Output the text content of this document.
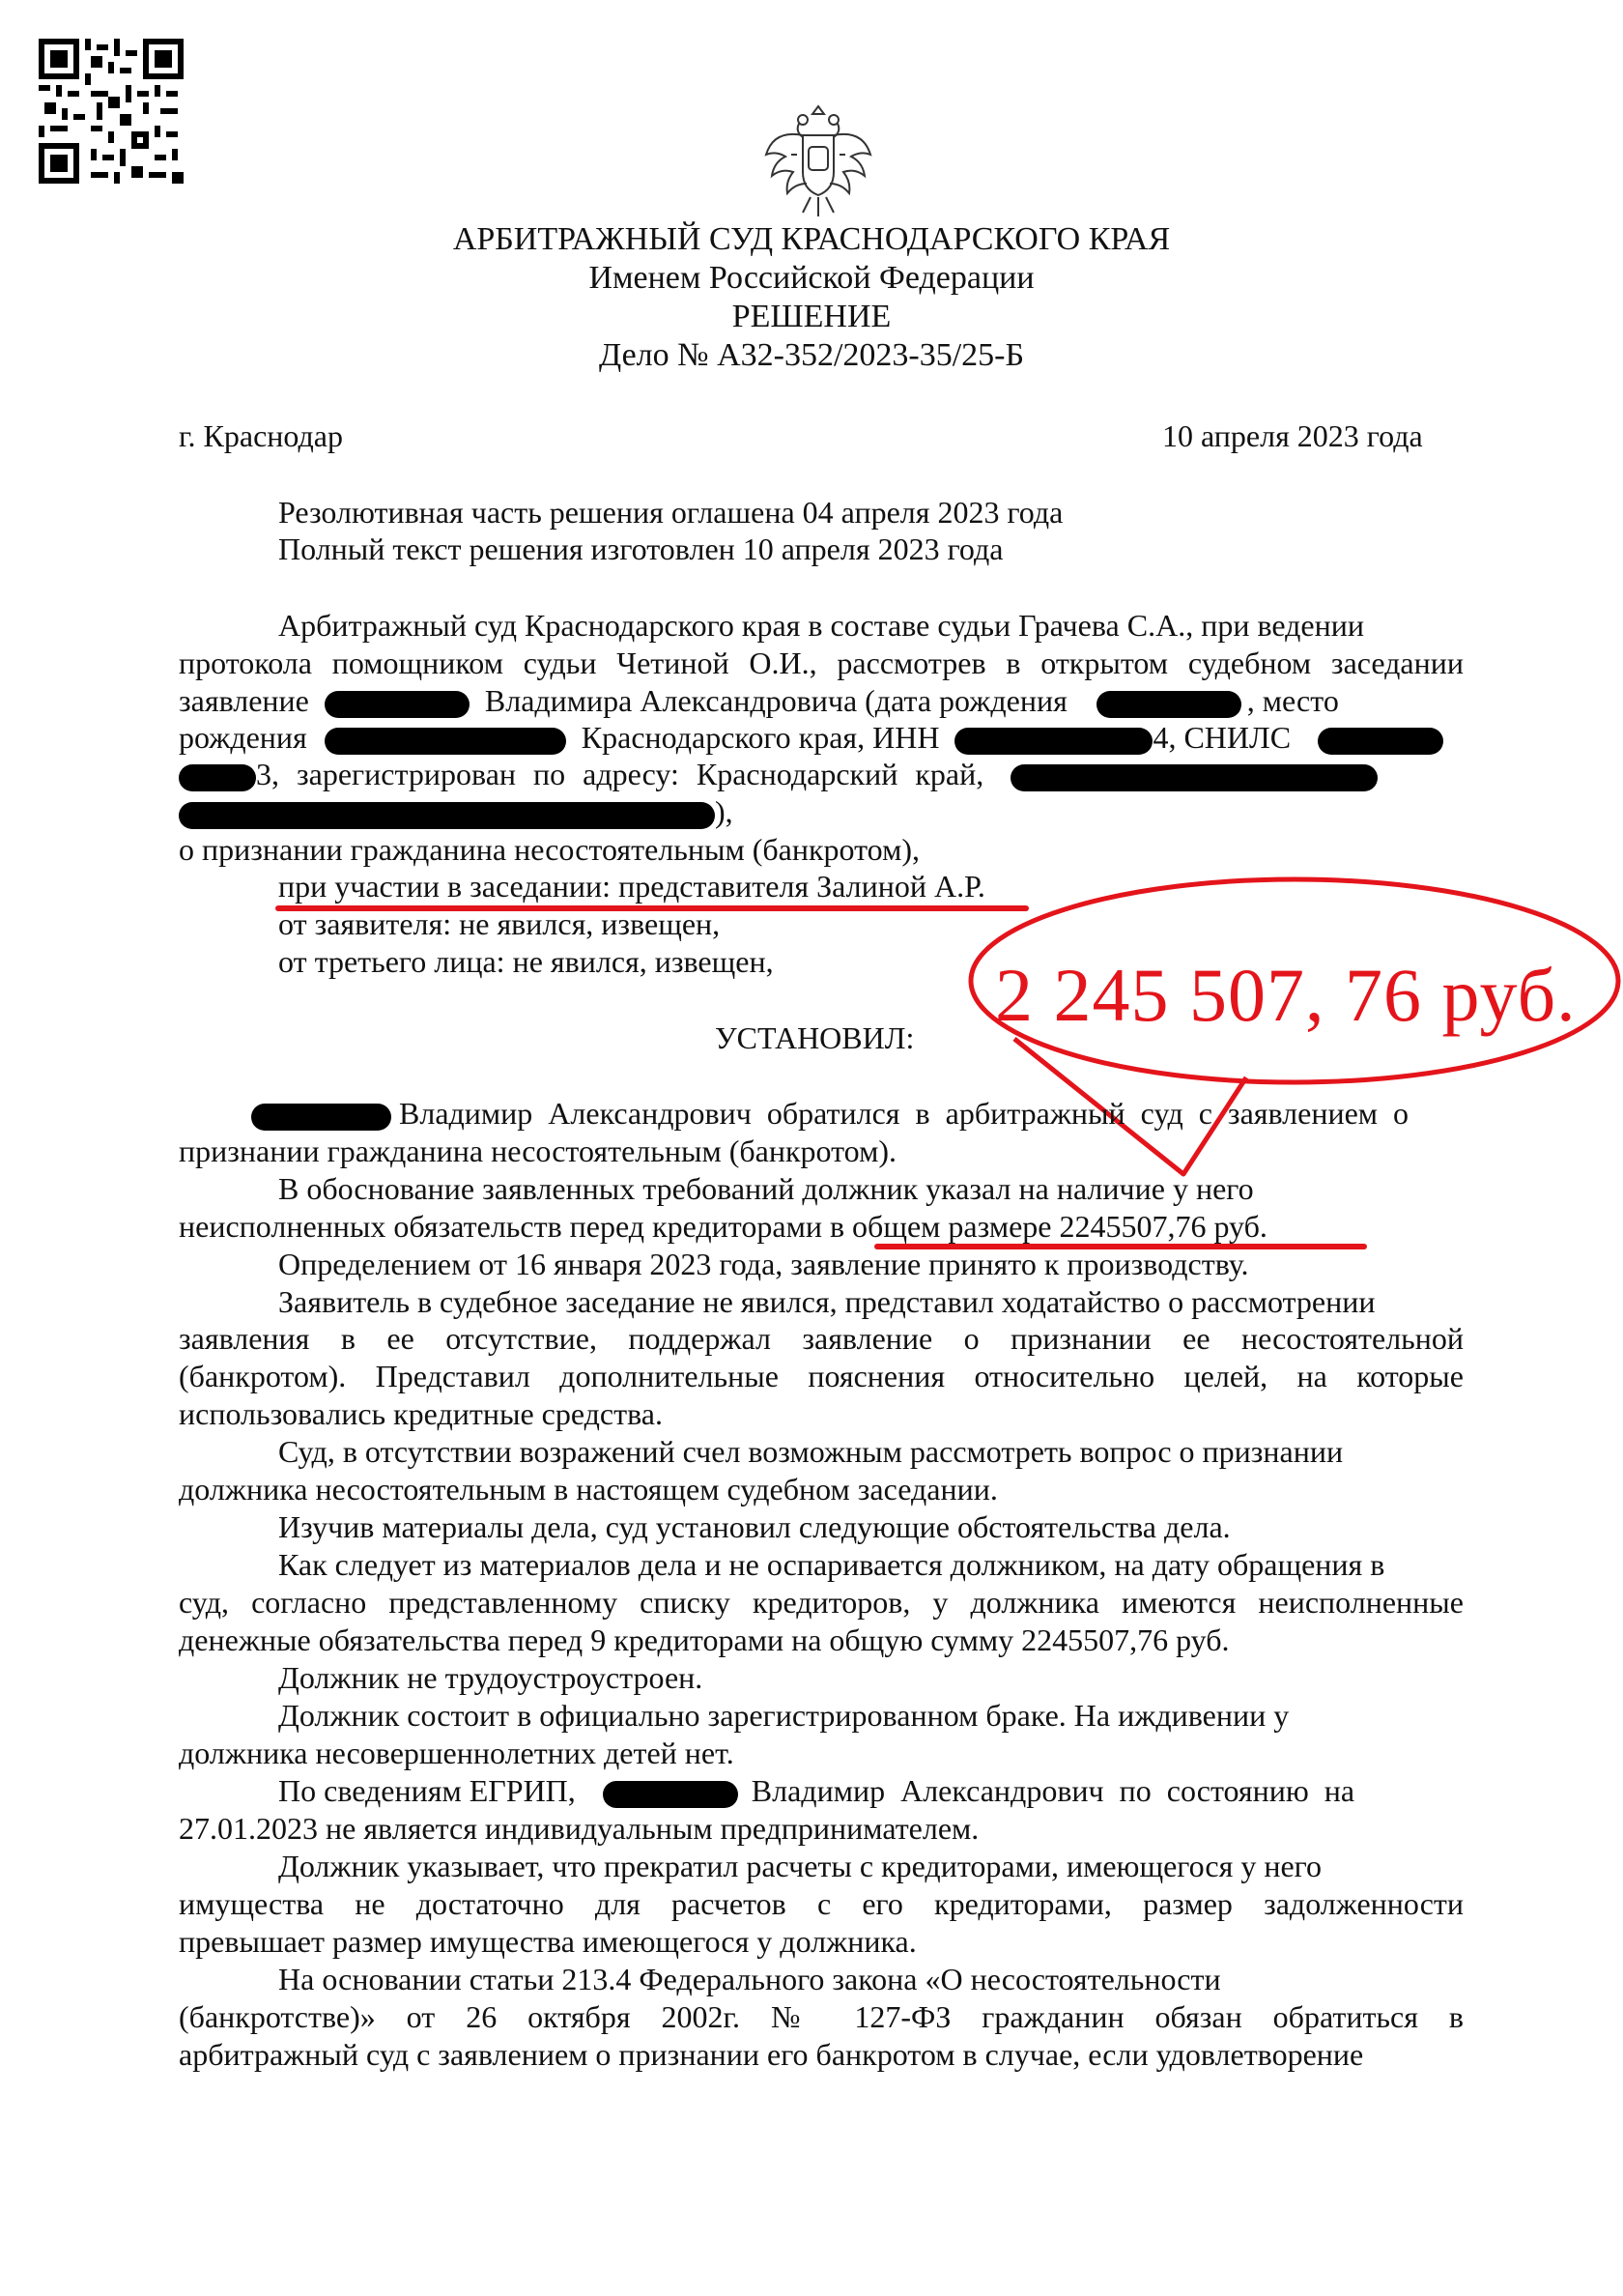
АРБИТРАЖНЫЙ СУД КРАСНОДАРСКОГО КРАЯ
Именем Российской Федерации
РЕШЕНИЕ
Дело № А32-352/2023-35/25-Б
г. Краснодар	10 апреля 2023 года
Резолютивная часть решения оглашена 04 апреля 2023 года
Полный текст решения изготовлен 10 апреля 2023 года
Арбитражный суд Краснодарского края в составе судьи Грачева С.А., при ведении
протокола помощником судьи Четиной О.И., рассмотрев в открытом судебном заседании
заявление	Владимира Александровича (дата рождения	, место
рождения	Краснодарского края, ИНН	4, СНИЛС
3, зарегистрирован по адресу: Краснодарский край,
),
о признании гражданина несостоятельным (банкротом),
при участии в заседании: представителя Залиной А.Р.
от заявителя: не явился, извещен,
от третьего лица: не явился, извещен,
УСТАНОВИЛ:
2 245 507, 76 руб.
Владимир Александрович обратился в арбитражный суд с заявлением о
признании гражданина несостоятельным (банкротом).
В обоснование заявленных требований должник указал на наличие у него
неисполненных обязательств перед кредиторами в общем размере 2245507,76 руб.
Определением от 16 января 2023 года, заявление принято к производству.
Заявитель в судебное заседание не явился, представил ходатайство о рассмотрении
заявления в ее отсутствие, поддержал заявление о признании ее несостоятельной
(банкротом). Представил дополнительные пояснения относительно целей, на которые
использовались кредитные средства.
Суд, в отсутствии возражений счел возможным рассмотреть вопрос о признании
должника несостоятельным в настоящем судебном заседании.
Изучив материалы дела, суд установил следующие обстоятельства дела.
Как следует из материалов дела и не оспаривается должником, на дату обращения в
суд, согласно представленному списку кредиторов, у должника имеются неисполненные
денежные обязательства перед 9 кредиторами на общую сумму 2245507,76 руб.
Должник не трудоустроустроен.
Должник состоит в официально зарегистрированном браке. На иждивении у
должника несовершеннолетних детей нет.
По сведениям ЕГРИП,	Владимир Александрович по состоянию на
27.01.2023 не является индивидуальным предпринимателем.
Должник указывает, что прекратил расчеты с кредиторами, имеющегося у него
имущества не достаточно для расчетов с его кредиторами, размер задолженности
превышает размер имущества имеющегося у должника.
На основании статьи 213.4 Федерального закона «О несостоятельности
(банкротстве)» от 26 октября 2002г. № 127-ФЗ гражданин обязан обратиться в
арбитражный суд с заявлением о признании его банкротом в случае, если удовлетворение
